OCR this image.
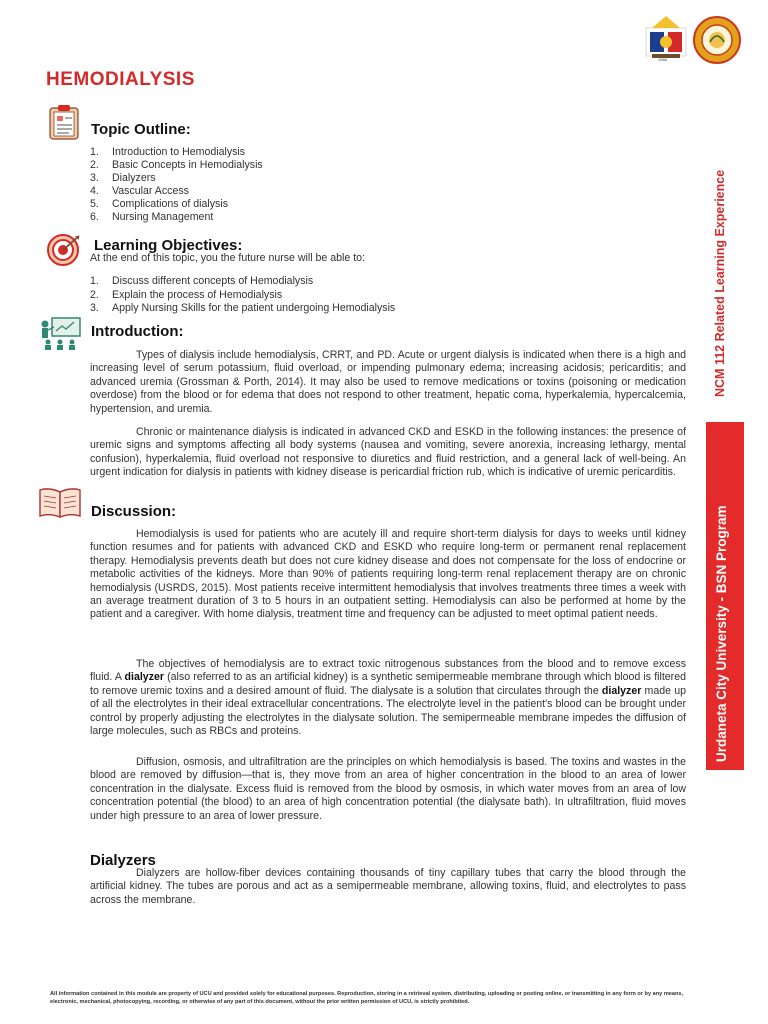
1968
HEMODIALYSIS
Topic Outline:
1. Introduction to Hemodialysis
2. Basic Concepts in Hemodialysis
3. Dialyzers
4. Vascular Access
5. Complications of dialysis
6. Nursing Management
Learning Objectives:
At the end of this topic, you the future nurse will be able to:
1. Discuss different concepts of Hemodialysis
2. Explain the process of Hemodialysis
3. Apply Nursing Skills for the patient undergoing Hemodialysis
Introduction:

Types of dialysis include hemodialysis, CRRT, and PD. Acute or urgent dialysis is indicated when there is a high and increasing level of serum potassium, fluid overload, or impending pulmonary edema; increasing acidosis; pericarditis; and advanced uremia (Grossman & Porth, 2014). It may also be used to remove medications or toxins (poisoning or medication overdose) from the blood or for edema that does not respond to other treatment, hepatic coma, hyperkalemia, hypercalcemia, hypertension, and uremia.

Chronic or maintenance dialysis is indicated in advanced CKD and ESKD in the following instances: the presence of uremic signs and symptoms affecting all body systems (nausea and vomiting, severe anorexia, increasing lethargy, mental confusion), hyperkalemia, fluid overload not responsive to diuretics and fluid restriction, and a general lack of well-being. An urgent indication for dialysis in patients with kidney disease is pericardial friction rub, which is indicative of uremic pericarditis.

Discussion:

Hemodialysis is used for patients who are acutely ill and require short-term dialysis for days to weeks until kidney function resumes and for patients with advanced CKD and ESKD who require long-term or permanent renal replacement therapy. Hemodialysis prevents death but does not cure kidney disease and does not compensate for the loss of endocrine or metabolic activities of the kidneys. More than 90% of patients requiring long-term renal replacement therapy are on chronic hemodialysis (USRDS, 2015). Most patients receive intermittent hemodialysis that involves treatments three times a week with an average treatment duration of 3 to 5 hours in an outpatient setting. Hemodialysis can also be performed at home by the patient and a caregiver. With home dialysis, treatment time and frequency can be adjusted to meet optimal patient needs.

The objectives of hemodialysis are to extract toxic nitrogenous substances from the blood and to remove excess fluid. A dialyzer (also referred to as an artificial kidney) is a synthetic semipermeable membrane through which blood is filtered to remove uremic toxins and a desired amount of fluid. The dialysate is a solution that circulates through the dialyzer made up of all the electrolytes in their ideal extracellular concentrations. The electrolyte level in the patient's blood can be brought under control by properly adjusting the electrolytes in the dialysate solution. The semipermeable membrane impedes the diffusion of large molecules, such as RBCs and proteins.

Diffusion, osmosis, and ultrafiltration are the principles on which hemodialysis is based. The toxins and wastes in the blood are removed by diffusion—that is, they move from an area of higher concentration in the blood to an area of lower concentration in the dialysate. Excess fluid is removed from the blood by osmosis, in which water moves from an area of low concentration potential (the blood) to an area of high concentration potential (the dialysate bath). In ultrafiltration, fluid moves under high pressure to an area of lower pressure.

Dialyzers

Dialyzers are hollow-fiber devices containing thousands of tiny capillary tubes that carry the blood through the artificial kidney. The tubes are porous and act as a semipermeable membrane, allowing toxins, fluid, and electrolytes to pass across the membrane.

NCM 112 Related Learning Experience
Urdaneta City University - BSN Program
All information contained in this module are property of UCU and provided solely for educational purposes. Reproduction, storing in a retrieval system, distributing, uploading or posting online, or transmitting in any form or by any means, electronic, mechanical, photocopying, recording, or otherwise of any part of this document, without the prior written permission of UCU, is strictly prohibited.
